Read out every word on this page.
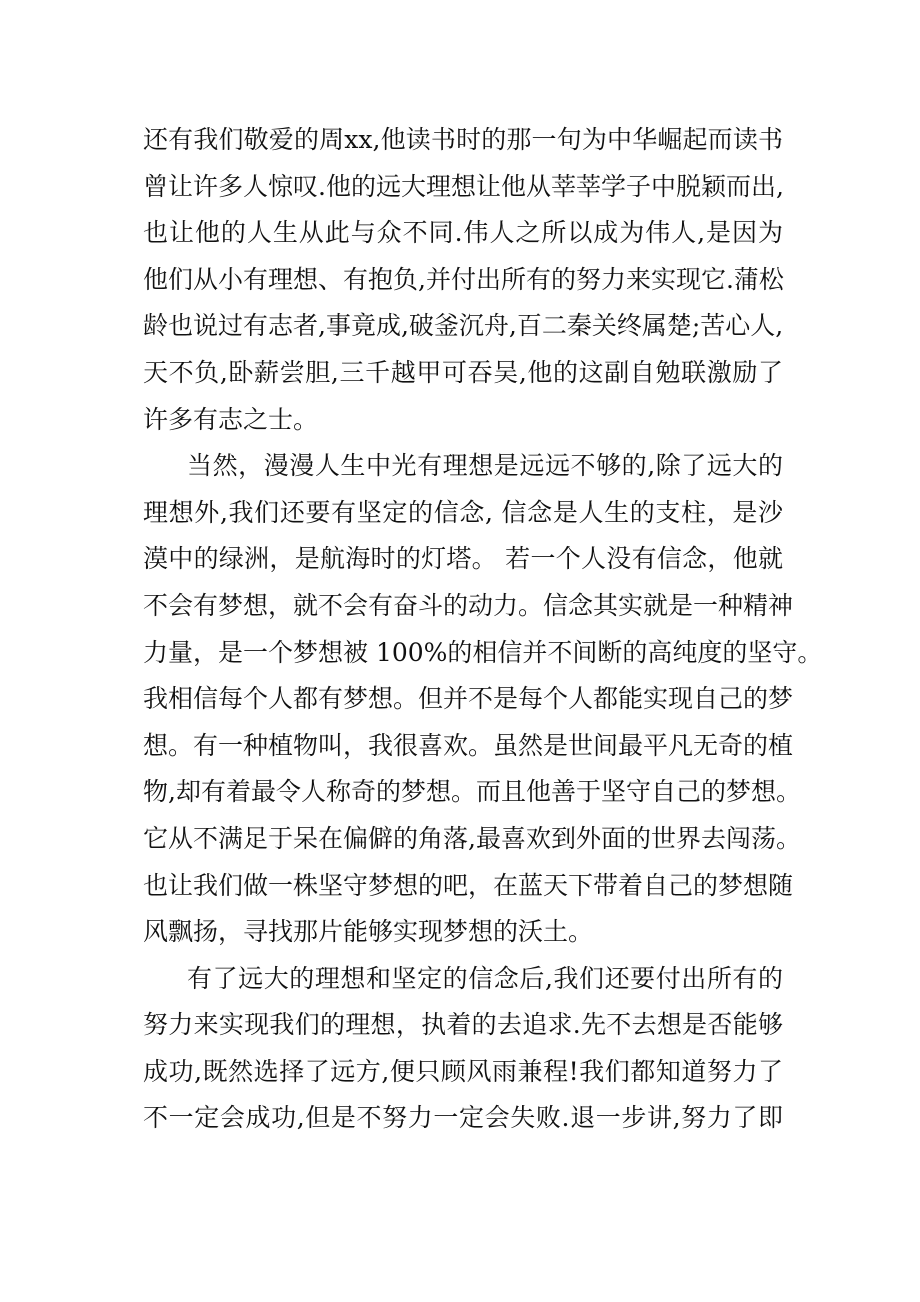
还有我们敬爱的周xx,他读书时的那一句为中华崛起而读书
曾让许多人惊叹.他的远大理想让他从莘莘学子中脱颖而出,
也让他的人生从此与众不同.伟人之所以成为伟人,是因为
他们从小有理想、有抱负,并付出所有的努力来实现它.蒲松
龄也说过有志者,事竟成,破釜沉舟,百二秦关终属楚;苦心人,
天不负,卧薪尝胆,三千越甲可吞吴,他的这副自勉联激励了
许多有志之士。
当然，漫漫人生中光有理想是远远不够的,除了远大的
理想外,我们还要有坚定的信念, 信念是人生的支柱，是沙
漠中的绿洲，是航海时的灯塔。 若一个人没有信念，他就
不会有梦想，就不会有奋斗的动力。信念其实就是一种精神
力量，是一个梦想被 100%的相信并不间断的高纯度的坚守。
我相信每个人都有梦想。但并不是每个人都能实现自己的梦
想。有一种植物叫，我很喜欢。虽然是世间最平凡无奇的植
物,却有着最令人称奇的梦想。而且他善于坚守自己的梦想。
它从不满足于呆在偏僻的角落,最喜欢到外面的世界去闯荡。
也让我们做一株坚守梦想的吧，在蓝天下带着自己的梦想随
风飘扬，寻找那片能够实现梦想的沃土。
有了远大的理想和坚定的信念后,我们还要付出所有的
努力来实现我们的理想，执着的去追求.先不去想是否能够
成功,既然选择了远方,便只顾风雨兼程!我们都知道努力了
不一定会成功,但是不努力一定会失败.退一步讲,努力了即
